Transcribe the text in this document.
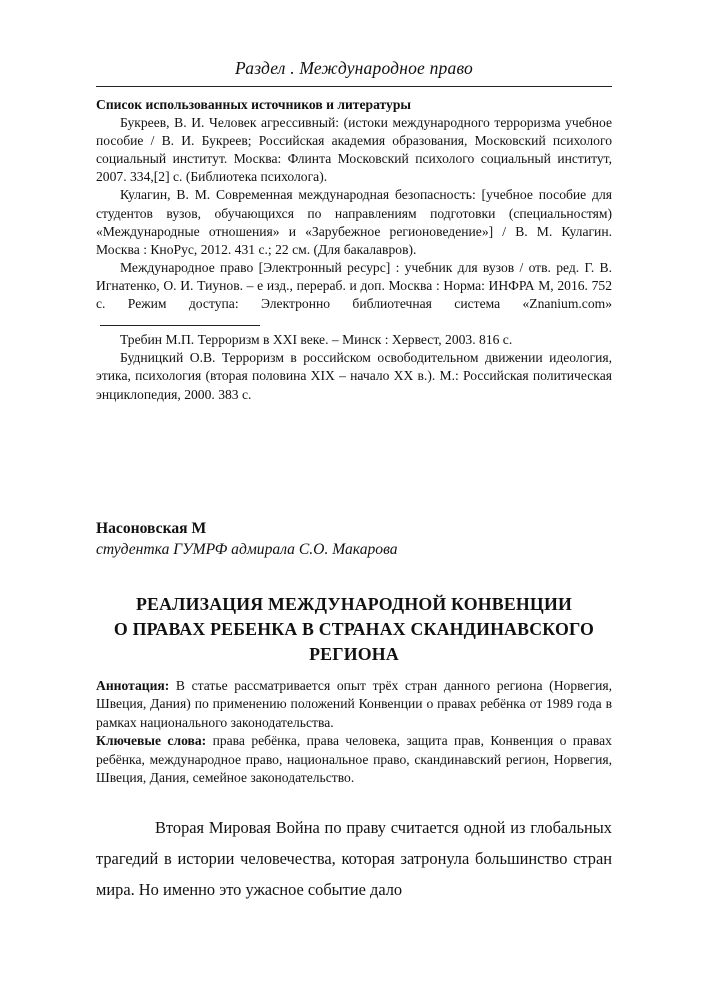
Раздел . Международное право

Список использованных источников и литературы

Букреев, В. И. Человек агрессивный: (истоки международного терроризма учебное пособие / В. И. Букреев; Российская академия образования, Московский психолого социальный институт. Москва: Флинта Московский психолого социальный институт, 2007. 334,[2] с. (Библиотека психолога).

Кулагин, В. М. Современная международная безопасность: [учебное пособие для студентов вузов, обучающихся по направлениям подготовки (специальностям) «Международные отношения» и «Зарубежное регионоведение»] / В. М. Кулагин. Москва : КноРус, 2012. 431 с.; 22 см. (Для бакалавров).

Международное право [Электронный ресурс] : учебник для вузов / отв. ред. Г. В. Игнатенко, О. И. Тиунов. – е изд., перераб. и доп. Москва : Норма: ИНФРА М, 2016. 752 с. Режим доступа: Электронно библиотечная система «Znanium.com»

Требин М.П. Терроризм в XXI веке. – Минск : Хервест, 2003. 816 с.

Будницкий О.В. Терроризм в российском освободительном движении идеология, этика, психология (вторая половина XIX – начало XX в.). М.: Российская политическая энциклопедия, 2000. 383 с.

Насоновская М

студентка ГУМРФ адмирала С.О. Макарова

РЕАЛИЗАЦИЯ МЕЖДУНАРОДНОЙ КОНВЕНЦИИ
О ПРАВАХ РЕБЕНКА В СТРАНАХ СКАНДИНАВСКОГО
РЕГИОНА

Аннотация: В статье рассматривается опыт трёх стран данного региона (Норвегия, Швеция, Дания) по применению положений Конвенции о правах ребёнка от 1989 года в рамках национального законодательства.

Ключевые слова: права ребёнка, права человека, защита прав, Конвенция о правах ребёнка, международное право, национальное право, скандинавский регион, Норвегия, Швеция, Дания, семейное законодательство.

Вторая Мировая Война по праву считается одной из глобальных трагедий в истории человечества, которая затронула большинство стран мира. Но именно это ужасное событие дало
